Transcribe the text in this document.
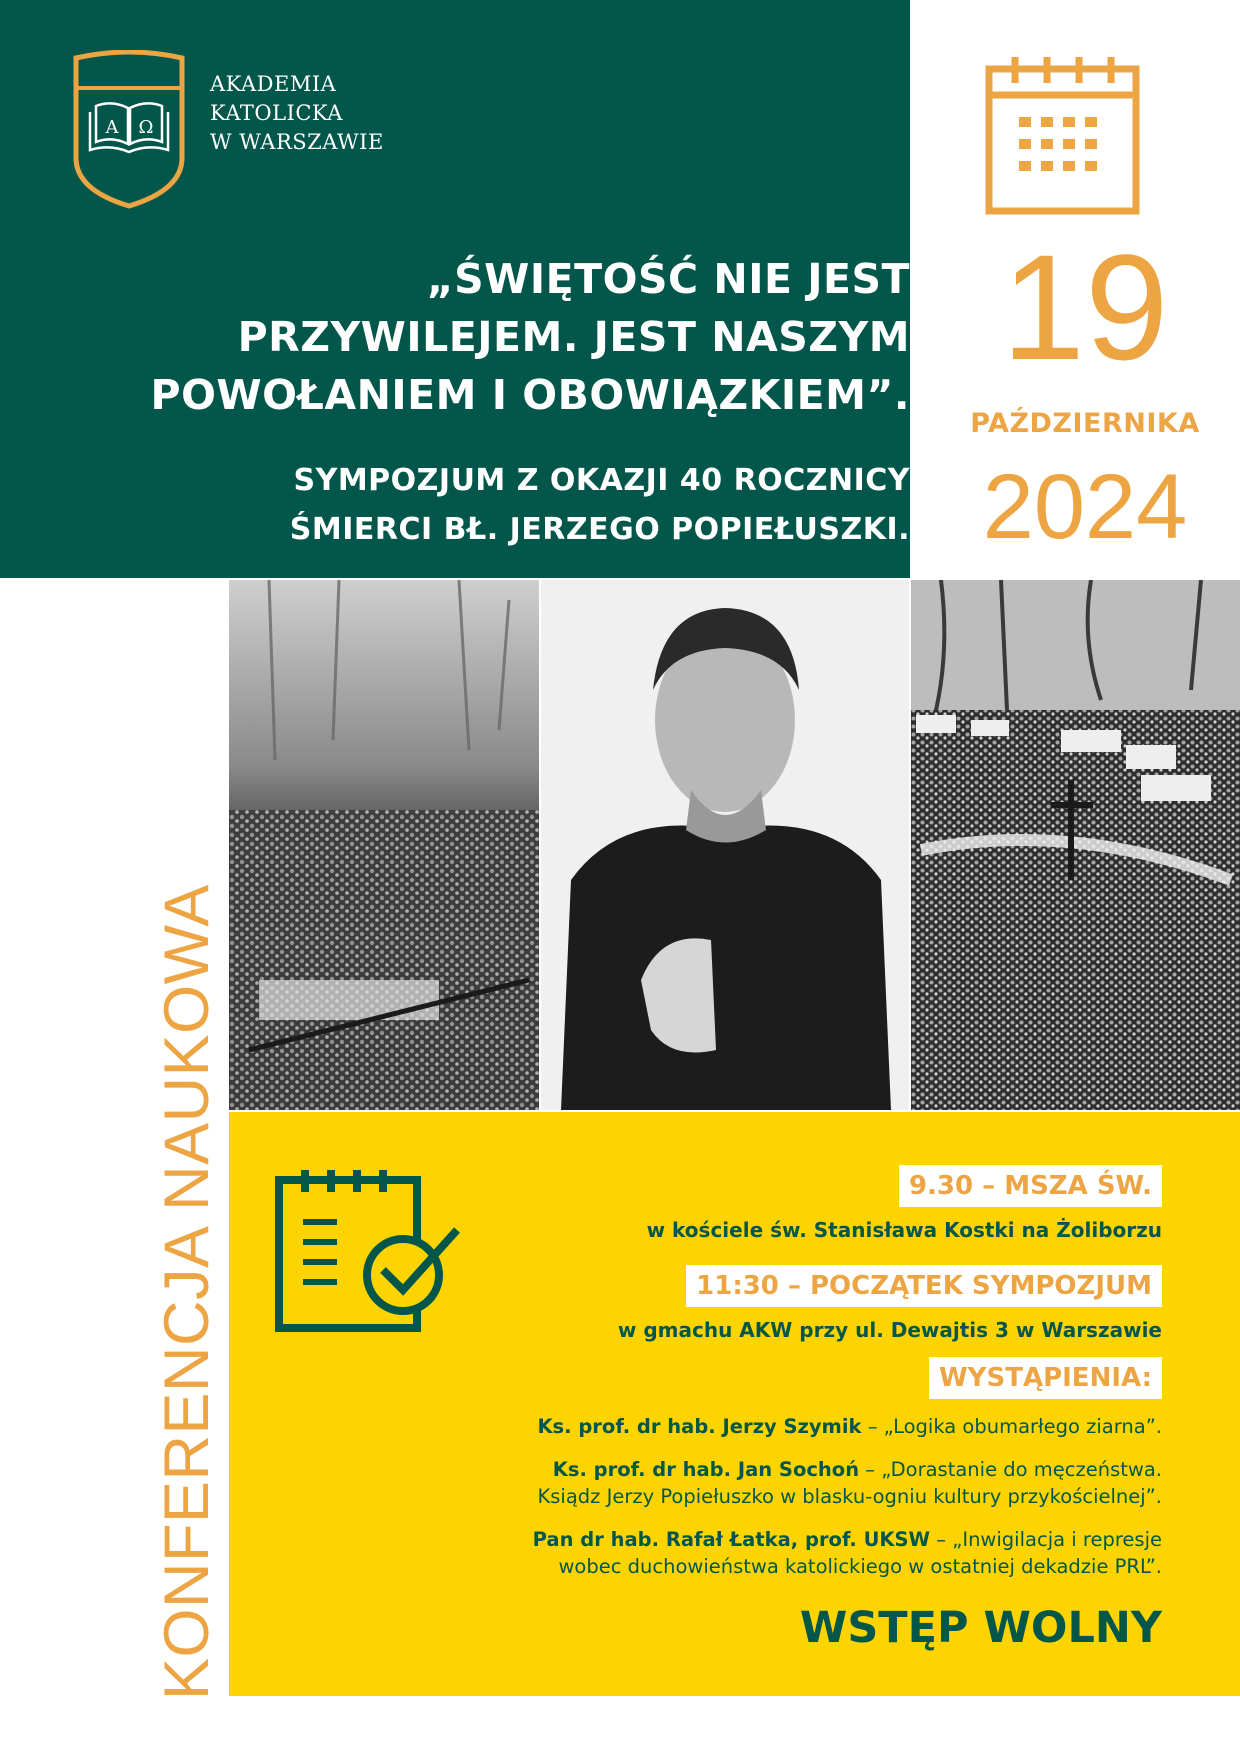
A Ω
AKADEMIA
KATOLICKA
W WARSZAWIE
„ŚWIĘTOŚĆ NIE JEST
PRZYWILEJEM. JEST NASZYM
POWOŁANIEM I OBOWIĄZKIEM”.
SYMPOZJUM Z OKAZJI 40 ROCZNICY
ŚMIERCI BŁ. JERZEGO POPIEŁUSZKI.
19
PAŹDZIERNIKA
2024
KONFERENCJA NAUKOWA	9.30 – MSZA ŚW.
w kościele św. Stanisława Kostki na Żoliborzu
11:30 – POCZĄTEK SYMPOZJUM
w gmachu AKW przy ul. Dewajtis 3 w Warszawie
WYSTĄPIENIA:
Ks. prof. dr hab. Jerzy Szymik – „Logika obumarłego ziarna”.
Ks. prof. dr hab. Jan Sochoń – „Dorastanie do męczeństwa.
Ksiądz Jerzy Popiełuszko w blasku-ogniu kultury przykościelnej”.
Pan dr hab. Rafał Łatka, prof. UKSW – „Inwigilacja i represje
wobec duchowieństwa katolickiego w ostatniej dekadzie PRL”.
WSTĘP WOLNY
